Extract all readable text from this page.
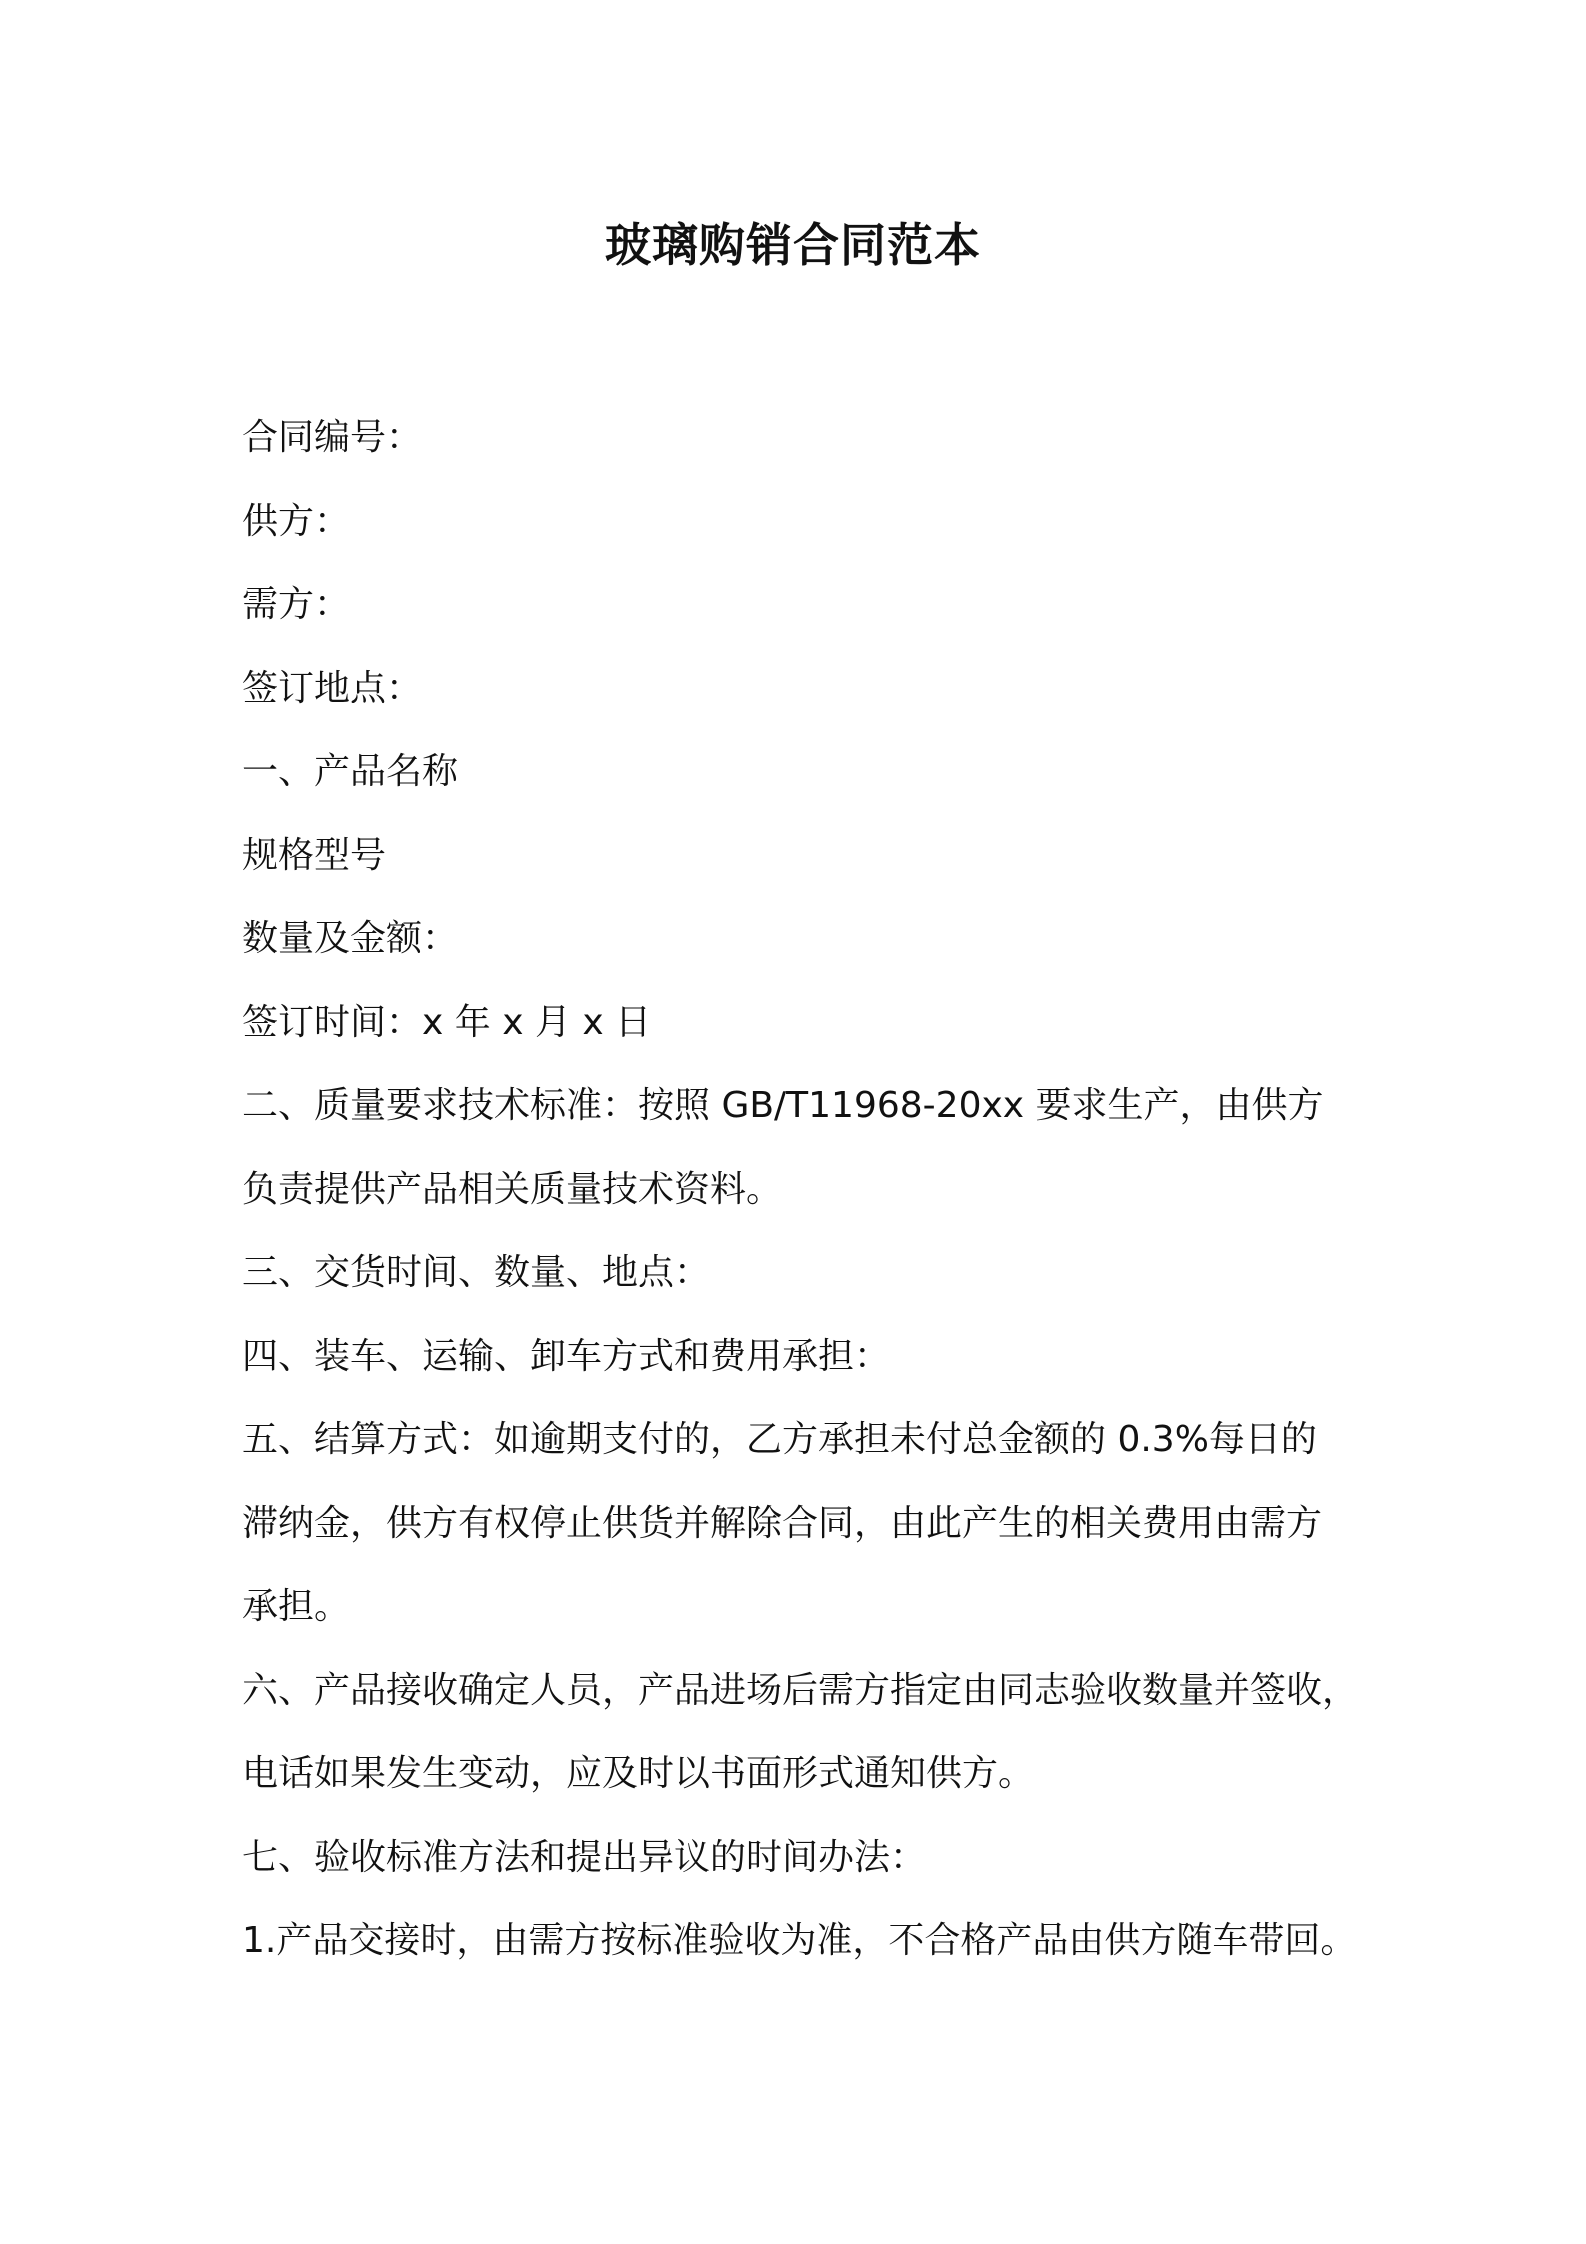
玻璃购销合同范本

合同编号：

供方：

需方：

签订地点：

一、产品名称

规格型号

数量及金额：

签订时间：x 年 x 月 x 日

二、质量要求技术标准：按照 GB/T11968-20xx 要求生产，由供方

负责提供产品相关质量技术资料。

三、交货时间、数量、地点：

四、装车、运输、卸车方式和费用承担：

五、结算方式：如逾期支付的，乙方承担未付总金额的 0.3%每日的

滞纳金，供方有权停止供货并解除合同，由此产生的相关费用由需方

承担。

六、产品接收确定人员，产品进场后需方指定由同志验收数量并签收，

电话如果发生变动，应及时以书面形式通知供方。

七、验收标准方法和提出异议的时间办法：

1.产品交接时，由需方按标准验收为准，不合格产品由供方随车带回。
